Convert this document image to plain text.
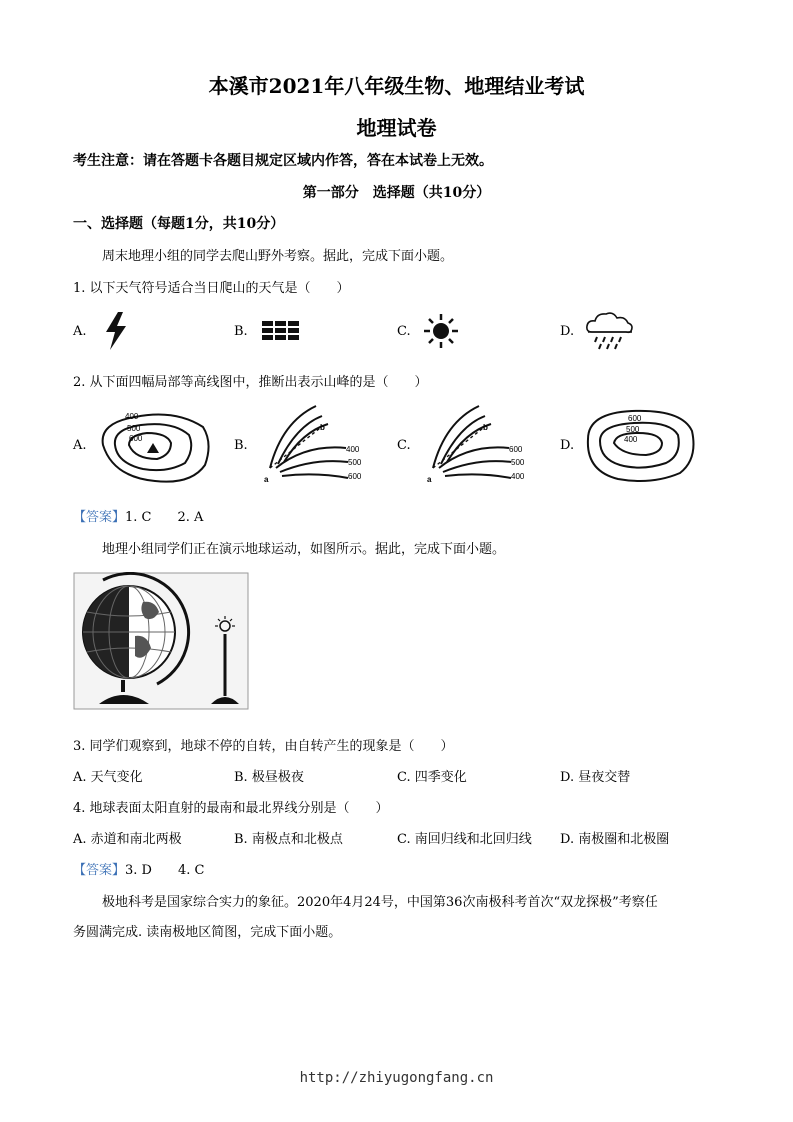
本溪市2021年八年级生物、地理结业考试
地理试卷
考生注意：请在答题卡各题目规定区域内作答，答在本试卷上无效。
第一部分　选择题（共10分）
一、选择题（每题1分，共10分）
周末地理小组的同学去爬山野外考察。据此，完成下面小题。
1. 以下天气符号适合当日爬山的天气是（　　）
A.	B.	C.	D.
2. 从下面四幅局部等高线图中，推断出表示山峰的是（　　）
A.
400
500
600	B.
b
a
400
500
600
C.
b
a
600
500
400
D.
600
500
400
【答案】1. C　　2. A
地理小组同学们正在演示地球运动，如图所示。据此，完成下面小题。
3. 同学们观察到，地球不停的自转，由自转产生的现象是（　　）
A. 天气变化	B. 极昼极夜	C. 四季变化	D. 昼夜交替
4. 地球表面太阳直射的最南和最北界线分别是（　　）
A. 赤道和南北两极	B. 南极点和北极点	C. 南回归线和北回归线 D. 南极圈和北极圈
【答案】3. D　　4. C
极地科考是国家综合实力的象征。2020年4月24号，中国第36次南极科考首次“双龙探极”考察任
务圆满完成. 读南极地区简图，完成下面小题。
http://zhiyugongfang.cn
